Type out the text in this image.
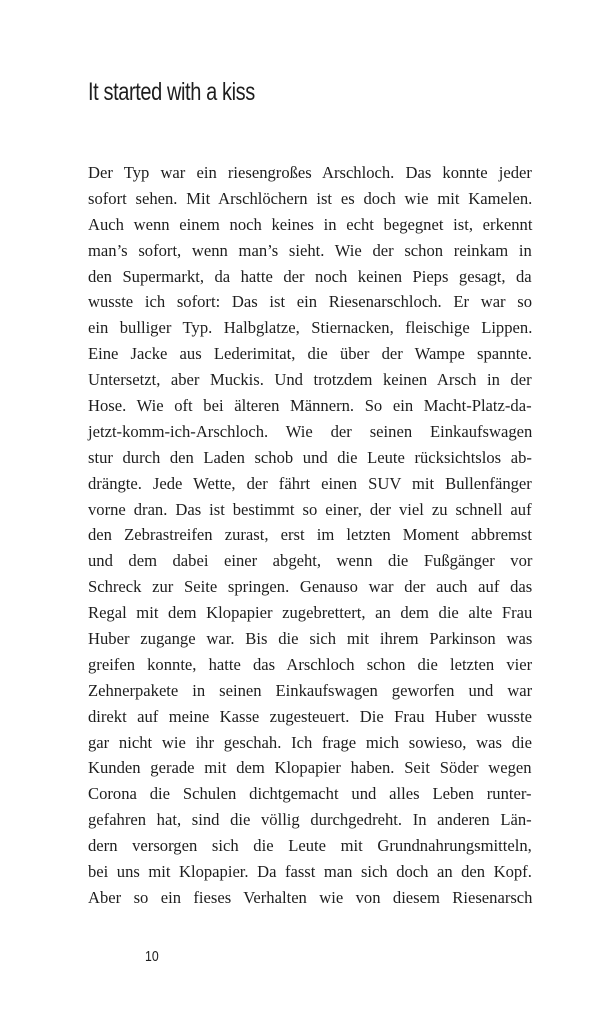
It started with a kiss
Der Typ war ein riesengroßes Arschloch. Das konnte jeder
sofort sehen. Mit Arschlöchern ist es doch wie mit Kamelen.
Auch wenn einem noch keines in echt begegnet ist, erkennt
man’s sofort, wenn man’s sieht. Wie der schon reinkam in
den Supermarkt, da hatte der noch keinen Pieps gesagt, da
wusste ich sofort: Das ist ein Riesenarschloch. Er war so
ein bulliger Typ. Halbglatze, Stiernacken, fleischige Lippen.
Eine Jacke aus Lederimitat, die über der Wampe spannte.
Untersetzt, aber Muckis. Und trotzdem keinen Arsch in der
Hose. Wie oft bei älteren Männern. So ein Macht-Platz-da-
jetzt-komm-ich-Arschloch. Wie der seinen Einkaufswagen
stur durch den Laden schob und die Leute rücksichtslos ab-
drängte. Jede Wette, der fährt einen SUV mit Bullenfänger
vorne dran. Das ist bestimmt so einer, der viel zu schnell auf
den Zebrastreifen zurast, erst im letzten Moment abbremst
und dem dabei einer abgeht, wenn die Fußgänger vor
Schreck zur Seite springen. Genauso war der auch auf das
Regal mit dem Klopapier zugebrettert, an dem die alte Frau
Huber zugange war. Bis die sich mit ihrem Parkinson was
greifen konnte, hatte das Arschloch schon die letzten vier
Zehnerpakete in seinen Einkaufswagen geworfen und war
direkt auf meine Kasse zugesteuert. Die Frau Huber wusste
gar nicht wie ihr geschah. Ich frage mich sowieso, was die
Kunden gerade mit dem Klopapier haben. Seit Söder wegen
Corona die Schulen dichtgemacht und alles Leben runter-
gefahren hat, sind die völlig durchgedreht. In anderen Län-
dern versorgen sich die Leute mit Grundnahrungsmitteln,
bei uns mit Klopapier. Da fasst man sich doch an den Kopf.
Aber so ein fieses Verhalten wie von diesem Riesenarsch
10
